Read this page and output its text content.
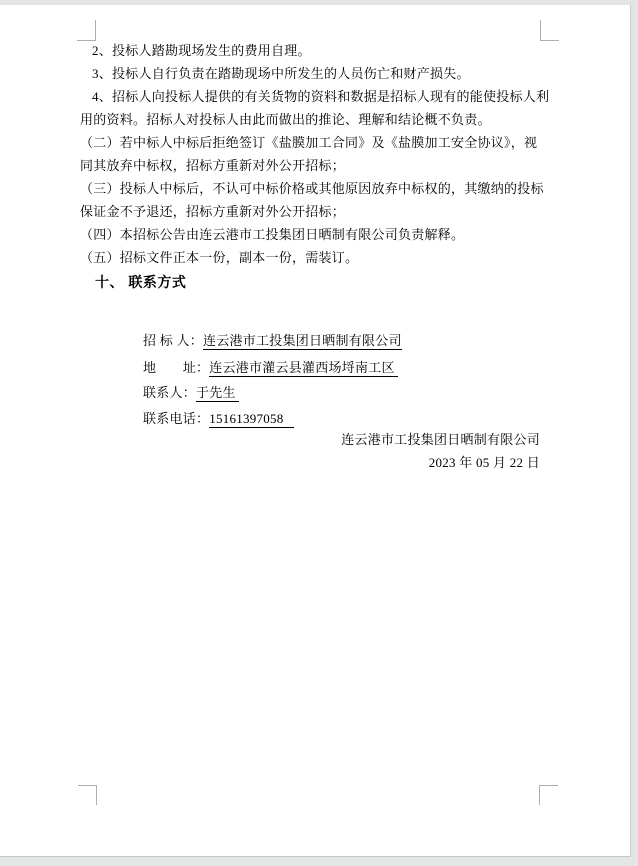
2、投标人踏勘现场发生的费用自理。
3、投标人自行负责在踏勘现场中所发生的人员伤亡和财产损失。
4、招标人向投标人提供的有关货物的资料和数据是招标人现有的能使投标人利
用的资料。招标人对投标人由此而做出的推论、理解和结论概不负责。
（二）若中标人中标后拒绝签订《盐膜加工合同》及《盐膜加工安全协议》，视
同其放弃中标权，招标方重新对外公开招标；
（三）投标人中标后，不认可中标价格或其他原因放弃中标权的，其缴纳的投标
保证金不予退还，招标方重新对外公开招标；
（四）本招标公告由连云港市工投集团日晒制有限公司负责解释。
（五）招标文件正本一份，副本一份，需装订。
十、 联系方式

招 标 人：连云港市工投集团日晒制有限公司

地　　址：连云港市灌云县灌西场埒南工区

联系人：于先生

联系电话：15161397058

连云港市工投集团日晒制有限公司
2023 年 05 月 22 日
